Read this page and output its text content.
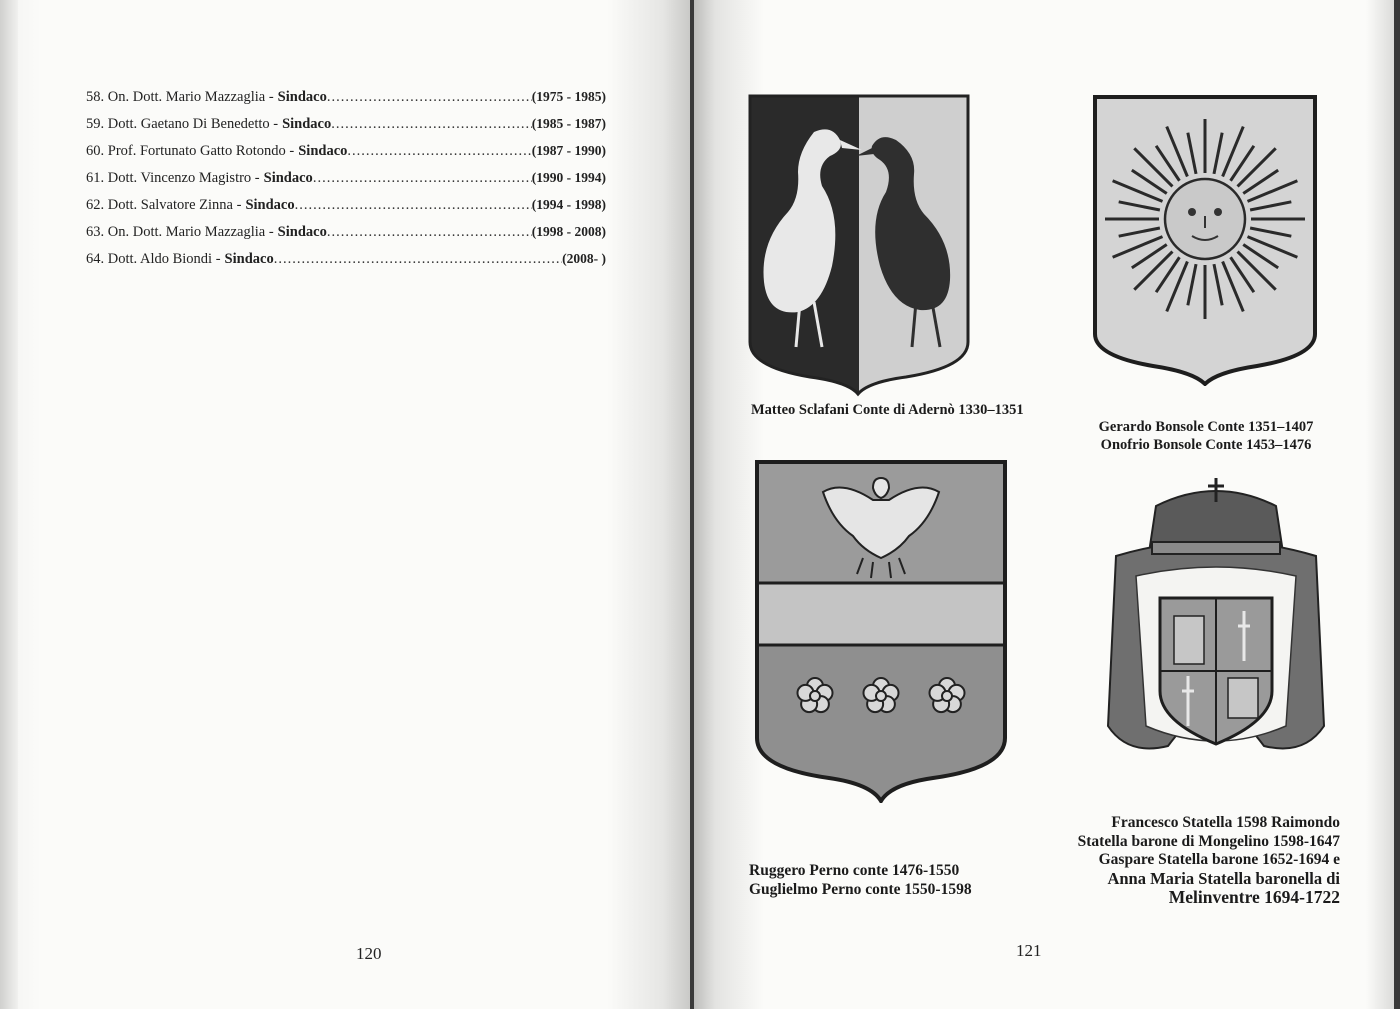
58. On. Dott. Mario Mazzaglia - Sindaco .....	(1975 - 1985)
59. Dott. Gaetano Di Benedetto - Sindaco .....	(1985 - 1987)
60. Prof. Fortunato Gatto Rotondo - Sindaco .....	(1987 - 1990)
61. Dott. Vincenzo Magistro - Sindaco .....	(1990 - 1994)
62. Dott. Salvatore Zinna - Sindaco .....	(1994 - 1998)
63. On. Dott. Mario Mazzaglia - Sindaco .....	(1998 - 2008)
64. Dott. Aldo Biondi - Sindaco .....	(2008- )
120
Matteo Sclafani Conte di Adernò 1330–1351
Gerardo Bonsole Conte 1351–1407
Onofrio Bonsole Conte 1453–1476
Ruggero Perno conte 1476-1550
Guglielmo Perno conte 1550-1598
Francesco Statella 1598 Raimondo
Statella barone di Mongelino 1598-1647
Gaspare Statella barone 1652-1694 e
Anna Maria Statella baronella di
Melinventre 1694-1722
121
